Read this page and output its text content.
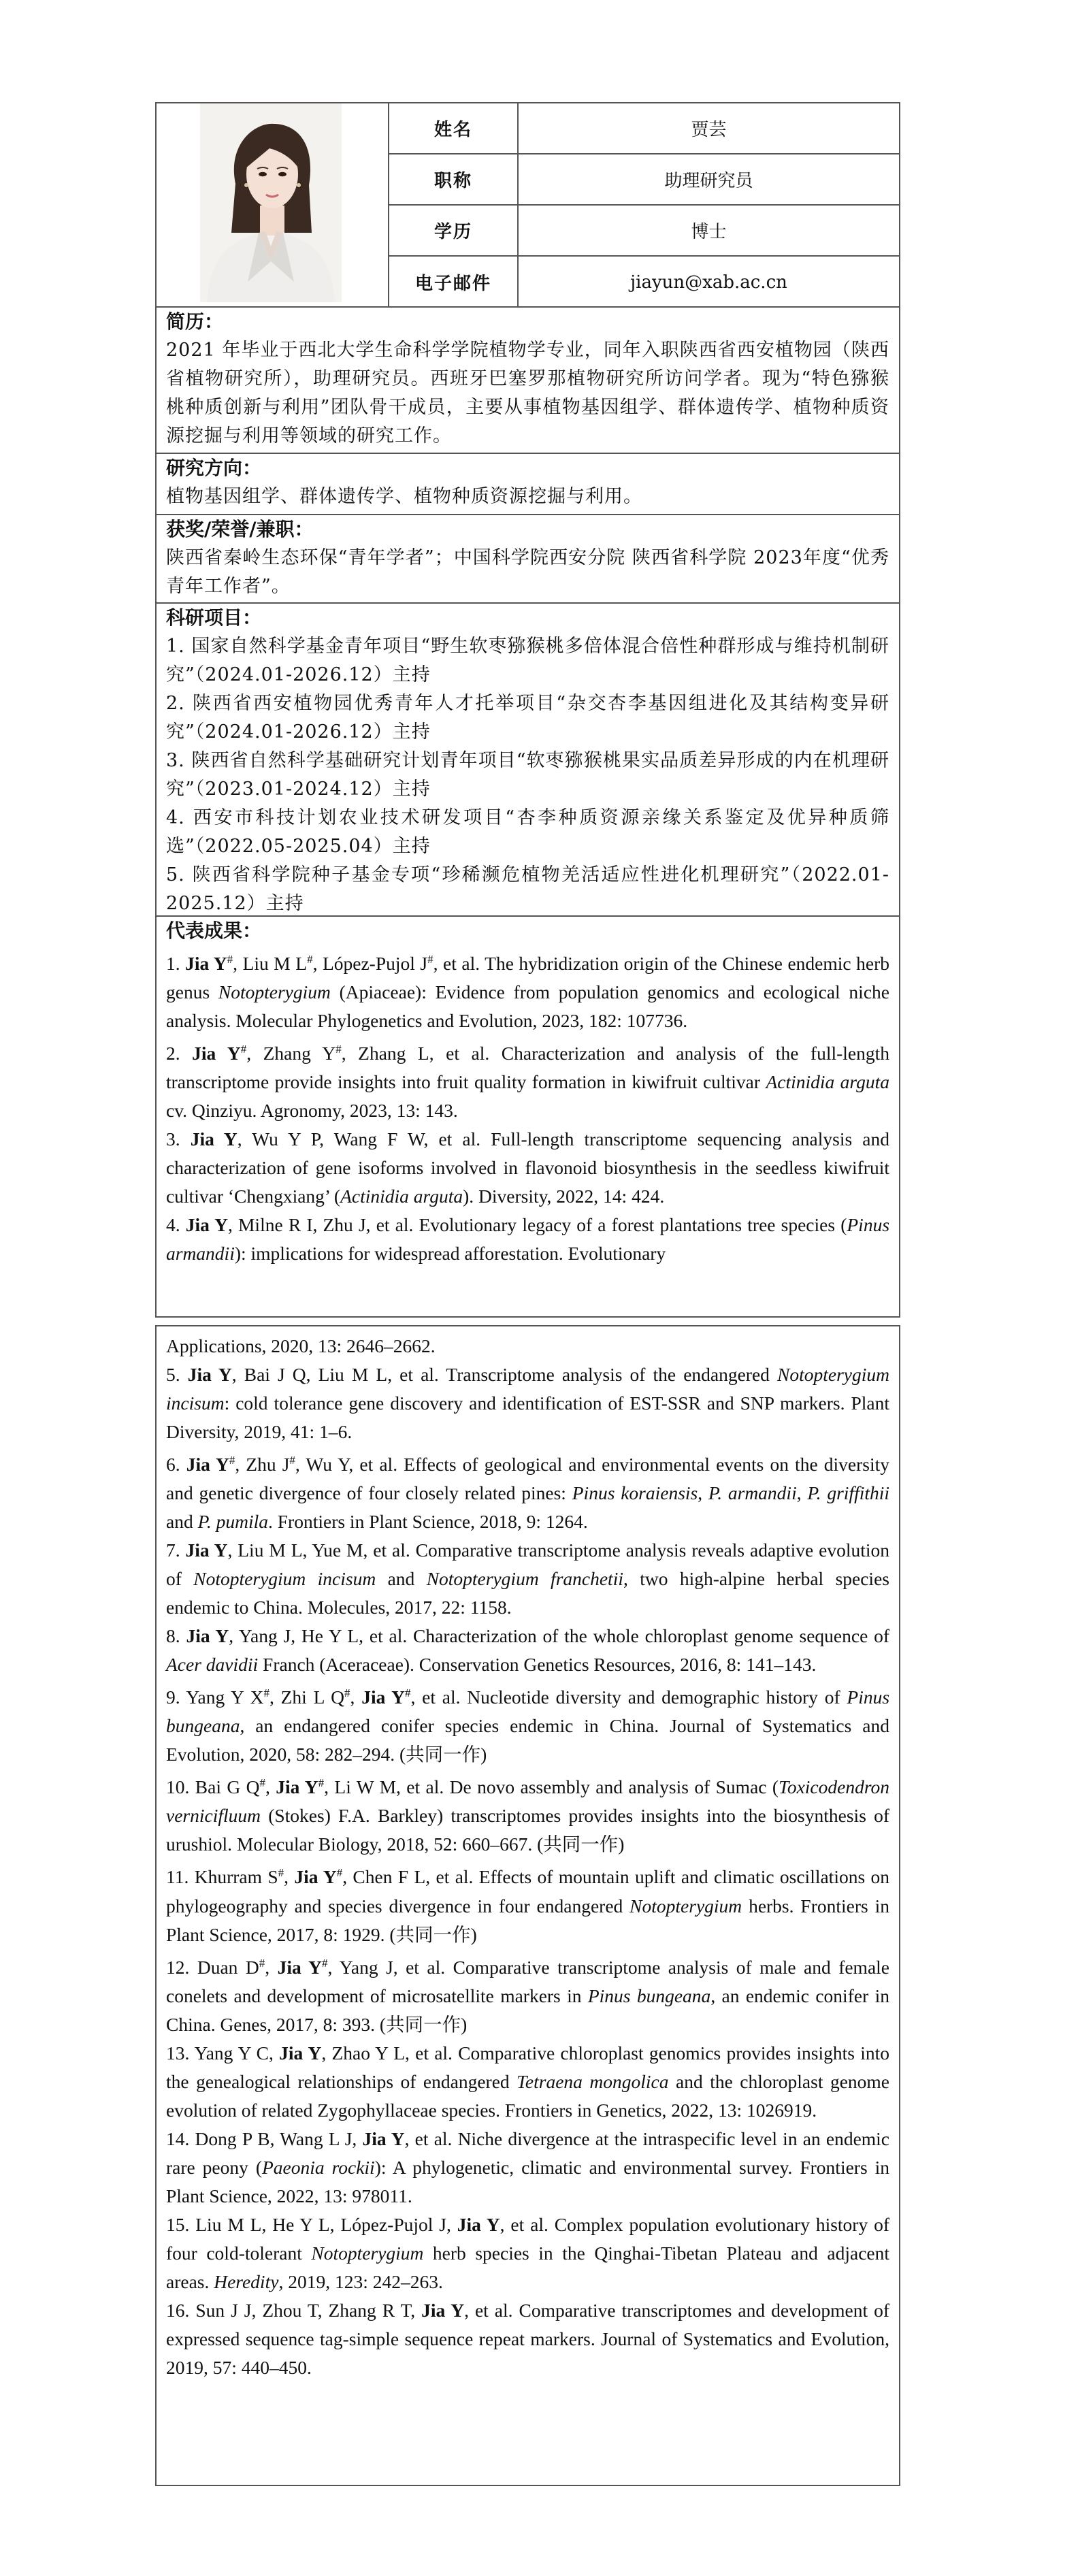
姓名	贾芸
职称	助理研究员
学历	博士
电子邮件	jiayun@xab.ac.cn
简历：
2021 年毕业于西北大学生命科学学院植物学专业，同年入职陕西省西安植物园（陕西省植物研究所），助理研究员。西班牙巴塞罗那植物研究所访问学者。现为“特色猕猴桃种质创新与利用”团队骨干成员，主要从事植物基因组学、群体遗传学、植物种质资源挖掘与利用等领域的研究工作。
研究方向：
植物基因组学、群体遗传学、植物种质资源挖掘与利用。
获奖/荣誉/兼职：
陕西省秦岭生态环保“青年学者”；中国科学院西安分院 陕西省科学院 2023年度“优秀青年工作者”。
科研项目：
1. 国家自然科学基金青年项目“野生软枣猕猴桃多倍体混合倍性种群形成与维持机制研究”（2024.01-2026.12）主持
2. 陕西省西安植物园优秀青年人才托举项目“杂交杏李基因组进化及其结构变异研究”（2024.01-2026.12）主持
3. 陕西省自然科学基础研究计划青年项目“软枣猕猴桃果实品质差异形成的内在机理研究”（2023.01-2024.12）主持
4. 西安市科技计划农业技术研发项目“杏李种质资源亲缘关系鉴定及优异种质筛选”（2022.05-2025.04）主持
5. 陕西省科学院种子基金专项“珍稀濒危植物羌活适应性进化机理研究”（2022.01-2025.12）主持
代表成果：
1. Jia Y#, Liu M L#, López-Pujol J#, et al. The hybridization origin of the Chinese endemic herb genus Notopterygium (Apiaceae): Evidence from population genomics and ecological niche analysis. Molecular Phylogenetics and Evolution, 2023, 182: 107736.
2. Jia Y#, Zhang Y#, Zhang L, et al. Characterization and analysis of the full-length transcriptome provide insights into fruit quality formation in kiwifruit cultivar Actinidia arguta cv. Qinziyu. Agronomy, 2023, 13: 143.
3. Jia Y, Wu Y P, Wang F W, et al. Full-length transcriptome sequencing analysis and characterization of gene isoforms involved in flavonoid biosynthesis in the seedless kiwifruit cultivar ‘Chengxiang’ (Actinidia arguta). Diversity, 2022, 14: 424.
4. Jia Y, Milne R I, Zhu J, et al. Evolutionary legacy of a forest plantations tree species (Pinus armandii): implications for widespread afforestation. Evolutionary
Applications, 2020, 13: 2646–2662.
5. Jia Y, Bai J Q, Liu M L, et al. Transcriptome analysis of the endangered Notopterygium incisum: cold tolerance gene discovery and identification of EST-SSR and SNP markers. Plant Diversity, 2019, 41: 1–6.
6. Jia Y#, Zhu J#, Wu Y, et al. Effects of geological and environmental events on the diversity and genetic divergence of four closely related pines: Pinus koraiensis, P. armandii, P. griffithii and P. pumila. Frontiers in Plant Science, 2018, 9: 1264.
7. Jia Y, Liu M L, Yue M, et al. Comparative transcriptome analysis reveals adaptive evolution of Notopterygium incisum and Notopterygium franchetii, two high-alpine herbal species endemic to China. Molecules, 2017, 22: 1158.
8. Jia Y, Yang J, He Y L, et al. Characterization of the whole chloroplast genome sequence of Acer davidii Franch (Aceraceae). Conservation Genetics Resources, 2016, 8: 141–143.
9. Yang Y X#, Zhi L Q#, Jia Y#, et al. Nucleotide diversity and demographic history of Pinus bungeana, an endangered conifer species endemic in China. Journal of Systematics and Evolution, 2020, 58: 282–294. (共同一作)
10. Bai G Q#, Jia Y#, Li W M, et al. De novo assembly and analysis of Sumac (Toxicodendron vernicifluum (Stokes) F.A. Barkley) transcriptomes provides insights into the biosynthesis of urushiol. Molecular Biology, 2018, 52: 660–667. (共同一作)
11. Khurram S#, Jia Y#, Chen F L, et al. Effects of mountain uplift and climatic oscillations on phylogeography and species divergence in four endangered Notopterygium herbs. Frontiers in Plant Science, 2017, 8: 1929. (共同一作)
12. Duan D#, Jia Y#, Yang J, et al. Comparative transcriptome analysis of male and female conelets and development of microsatellite markers in Pinus bungeana, an endemic conifer in China. Genes, 2017, 8: 393. (共同一作)
13. Yang Y C, Jia Y, Zhao Y L, et al. Comparative chloroplast genomics provides insights into the genealogical relationships of endangered Tetraena mongolica and the chloroplast genome evolution of related Zygophyllaceae species. Frontiers in Genetics, 2022, 13: 1026919.
14. Dong P B, Wang L J, Jia Y, et al. Niche divergence at the intraspecific level in an endemic rare peony (Paeonia rockii): A phylogenetic, climatic and environmental survey. Frontiers in Plant Science, 2022, 13: 978011.
15. Liu M L, He Y L, López-Pujol J, Jia Y, et al. Complex population evolutionary history of four cold-tolerant Notopterygium herb species in the Qinghai-Tibetan Plateau and adjacent areas. Heredity, 2019, 123: 242–263.
16. Sun J J, Zhou T, Zhang R T, Jia Y, et al. Comparative transcriptomes and development of expressed sequence tag-simple sequence repeat markers. Journal of Systematics and Evolution, 2019, 57: 440–450.
